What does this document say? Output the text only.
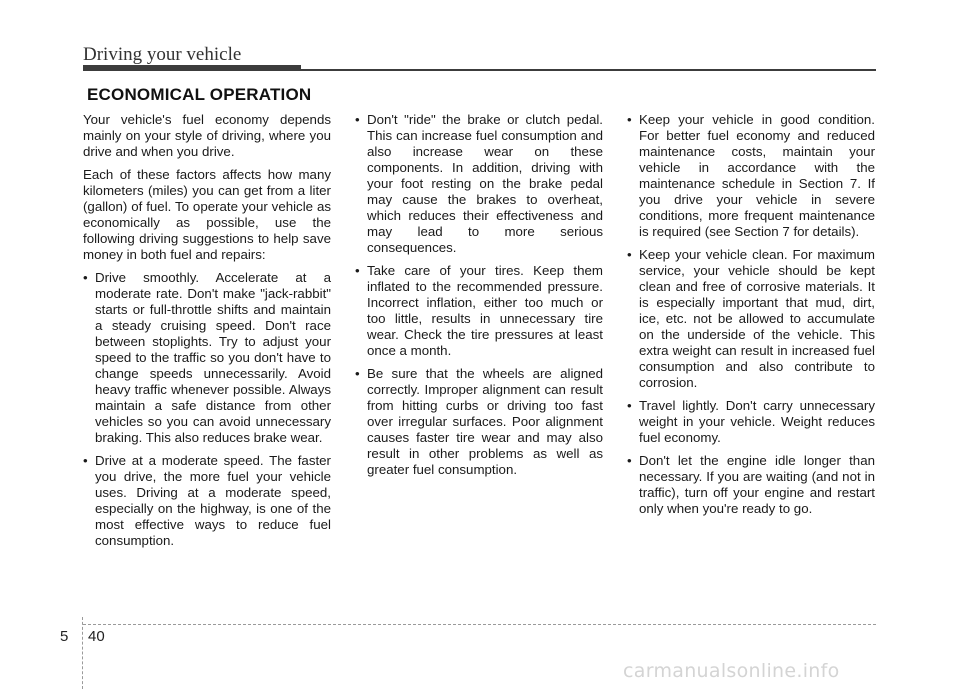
Driving your vehicle
ECONOMICAL OPERATION

Your vehicle's fuel economy depends mainly on your style of driving, where you drive and when you drive.

Each of these factors affects how many kilometers (miles) you can get from a liter (gallon) of fuel. To operate your vehicle as economically as possible, use the following driving suggestions to help save money in both fuel and repairs:

• Drive smoothly. Accelerate at a moderate rate. Don't make "jack-rabbit" starts or full-throttle shifts and maintain a steady cruising speed. Don't race between stoplights. Try to adjust your speed to the traffic so you don't have to change speeds unnecessarily. Avoid heavy traffic whenever possible. Always maintain a safe distance from other vehicles so you can avoid unnecessary braking. This also reduces brake wear.
• Drive at a moderate speed. The faster you drive, the more fuel your vehicle uses. Driving at a moderate speed, especially on the highway, is one of the most effective ways to reduce fuel consumption.
• Don't "ride" the brake or clutch pedal. This can increase fuel consumption and also increase wear on these components. In addition, driving with your foot resting on the brake pedal may cause the brakes to overheat, which reduces their effectiveness and may lead to more serious consequences.
• Take care of your tires. Keep them inflated to the recommended pressure. Incorrect inflation, either too much or too little, results in unnecessary tire wear. Check the tire pressures at least once a month.
• Be sure that the wheels are aligned correctly. Improper alignment can result from hitting curbs or driving too fast over irregular surfaces. Poor alignment causes faster tire wear and may also result in other problems as well as greater fuel consumption.
• Keep your vehicle in good condition. For better fuel economy and reduced maintenance costs, maintain your vehicle in accordance with the maintenance schedule in Section 7. If you drive your vehicle in severe conditions, more frequent maintenance is required (see Section 7 for details).
• Keep your vehicle clean. For maximum service, your vehicle should be kept clean and free of corrosive materials. It is especially important that mud, dirt, ice, etc. not be allowed to accumulate on the underside of the vehicle. This extra weight can result in increased fuel consumption and also contribute to corrosion.
• Travel lightly. Don't carry unnecessary weight in your vehicle. Weight reduces fuel economy.
• Don't let the engine idle longer than necessary. If you are waiting (and not in traffic), turn off your engine and restart only when you're ready to go.
5 40
carmanualsonline.info
